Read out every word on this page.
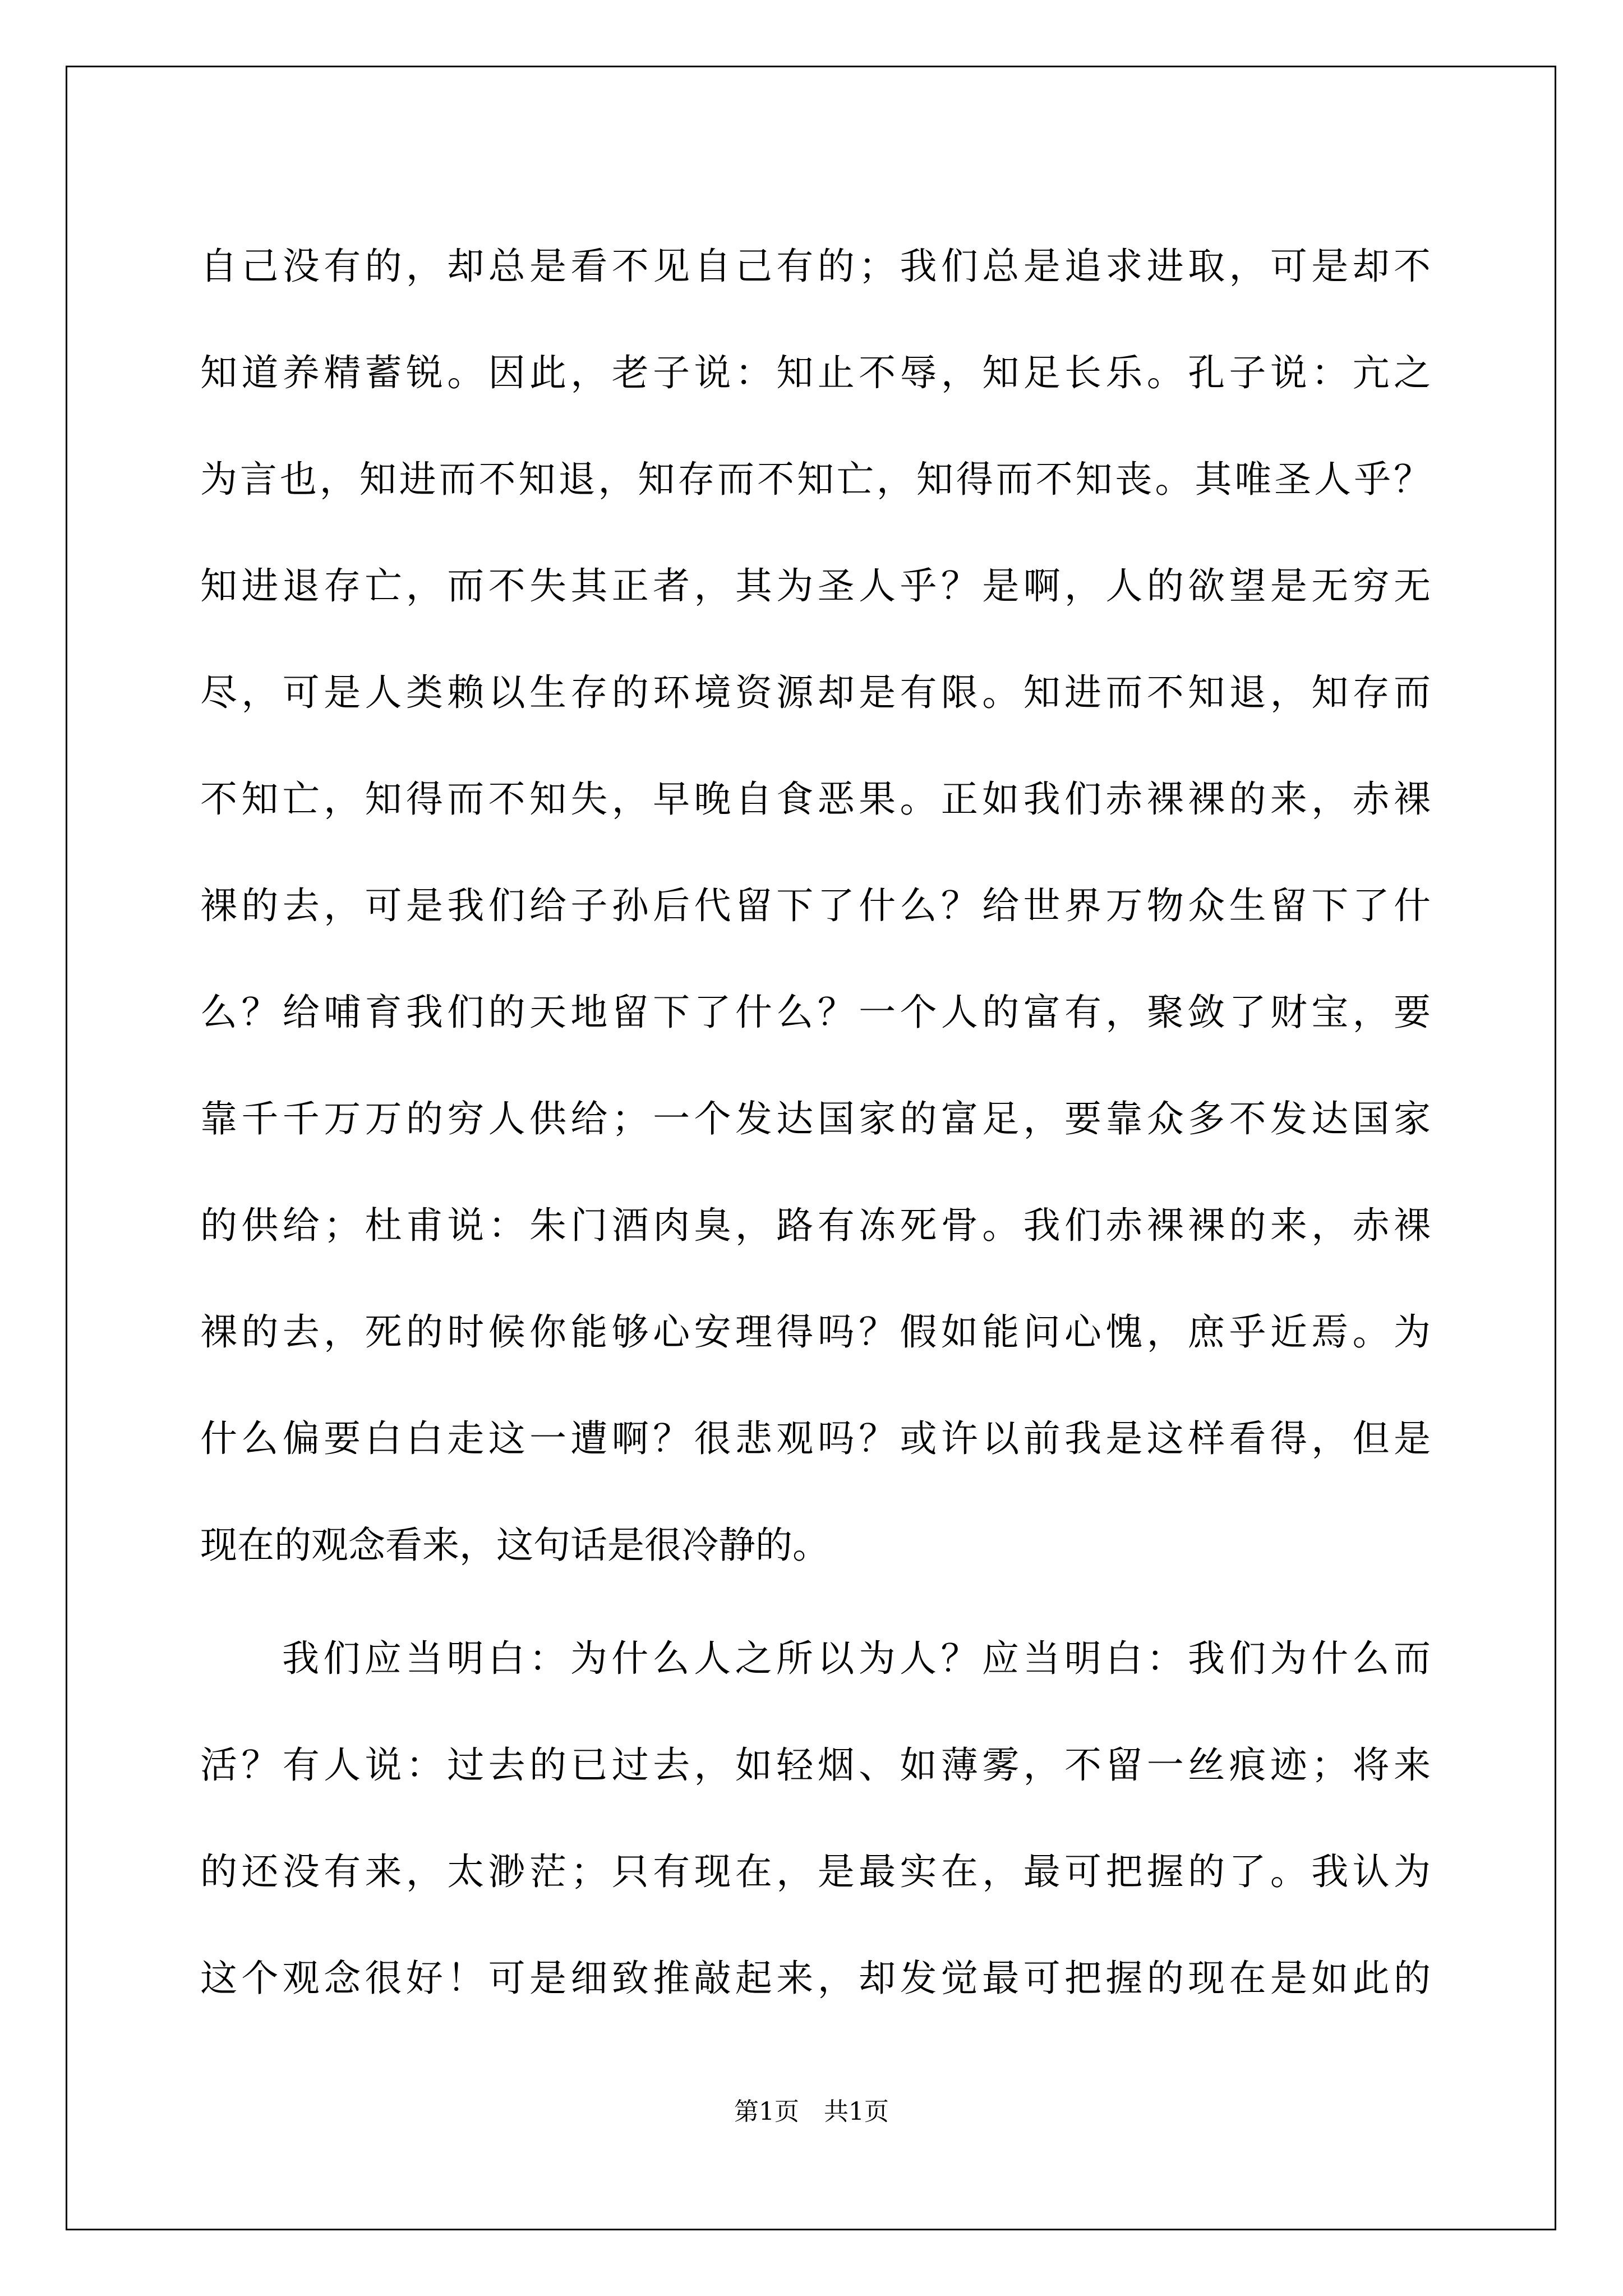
自己没有的，却总是看不见自己有的；我们总是追求进取，可是却不
知道养精蓄锐。因此，老子说：知止不辱，知足长乐。孔子说：亢之
为言也，知进而不知退，知存而不知亡，知得而不知丧。其唯圣人乎？
知进退存亡，而不失其正者，其为圣人乎？是啊，人的欲望是无穷无
尽，可是人类赖以生存的环境资源却是有限。知进而不知退，知存而
不知亡，知得而不知失，早晚自食恶果。正如我们赤裸裸的来，赤裸
裸的去，可是我们给子孙后代留下了什么？给世界万物众生留下了什
么？给哺育我们的天地留下了什么？一个人的富有，聚敛了财宝，要
靠千千万万的穷人供给；一个发达国家的富足，要靠众多不发达国家
的供给；杜甫说：朱门酒肉臭，路有冻死骨。我们赤裸裸的来，赤裸
裸的去，死的时候你能够心安理得吗？假如能问心愧，庶乎近焉。为
什么偏要白白走这一遭啊？很悲观吗？或许以前我是这样看得，但是
现在的观念看来，这句话是很冷静的。
我们应当明白：为什么人之所以为人？应当明白：我们为什么而
活？有人说：过去的已过去，如轻烟、如薄雾，不留一丝痕迹；将来
的还没有来，太渺茫；只有现在，是最实在，最可把握的了。我认为
这个观念很好！可是细致推敲起来，却发觉最可把握的现在是如此的
第1页　共1页
